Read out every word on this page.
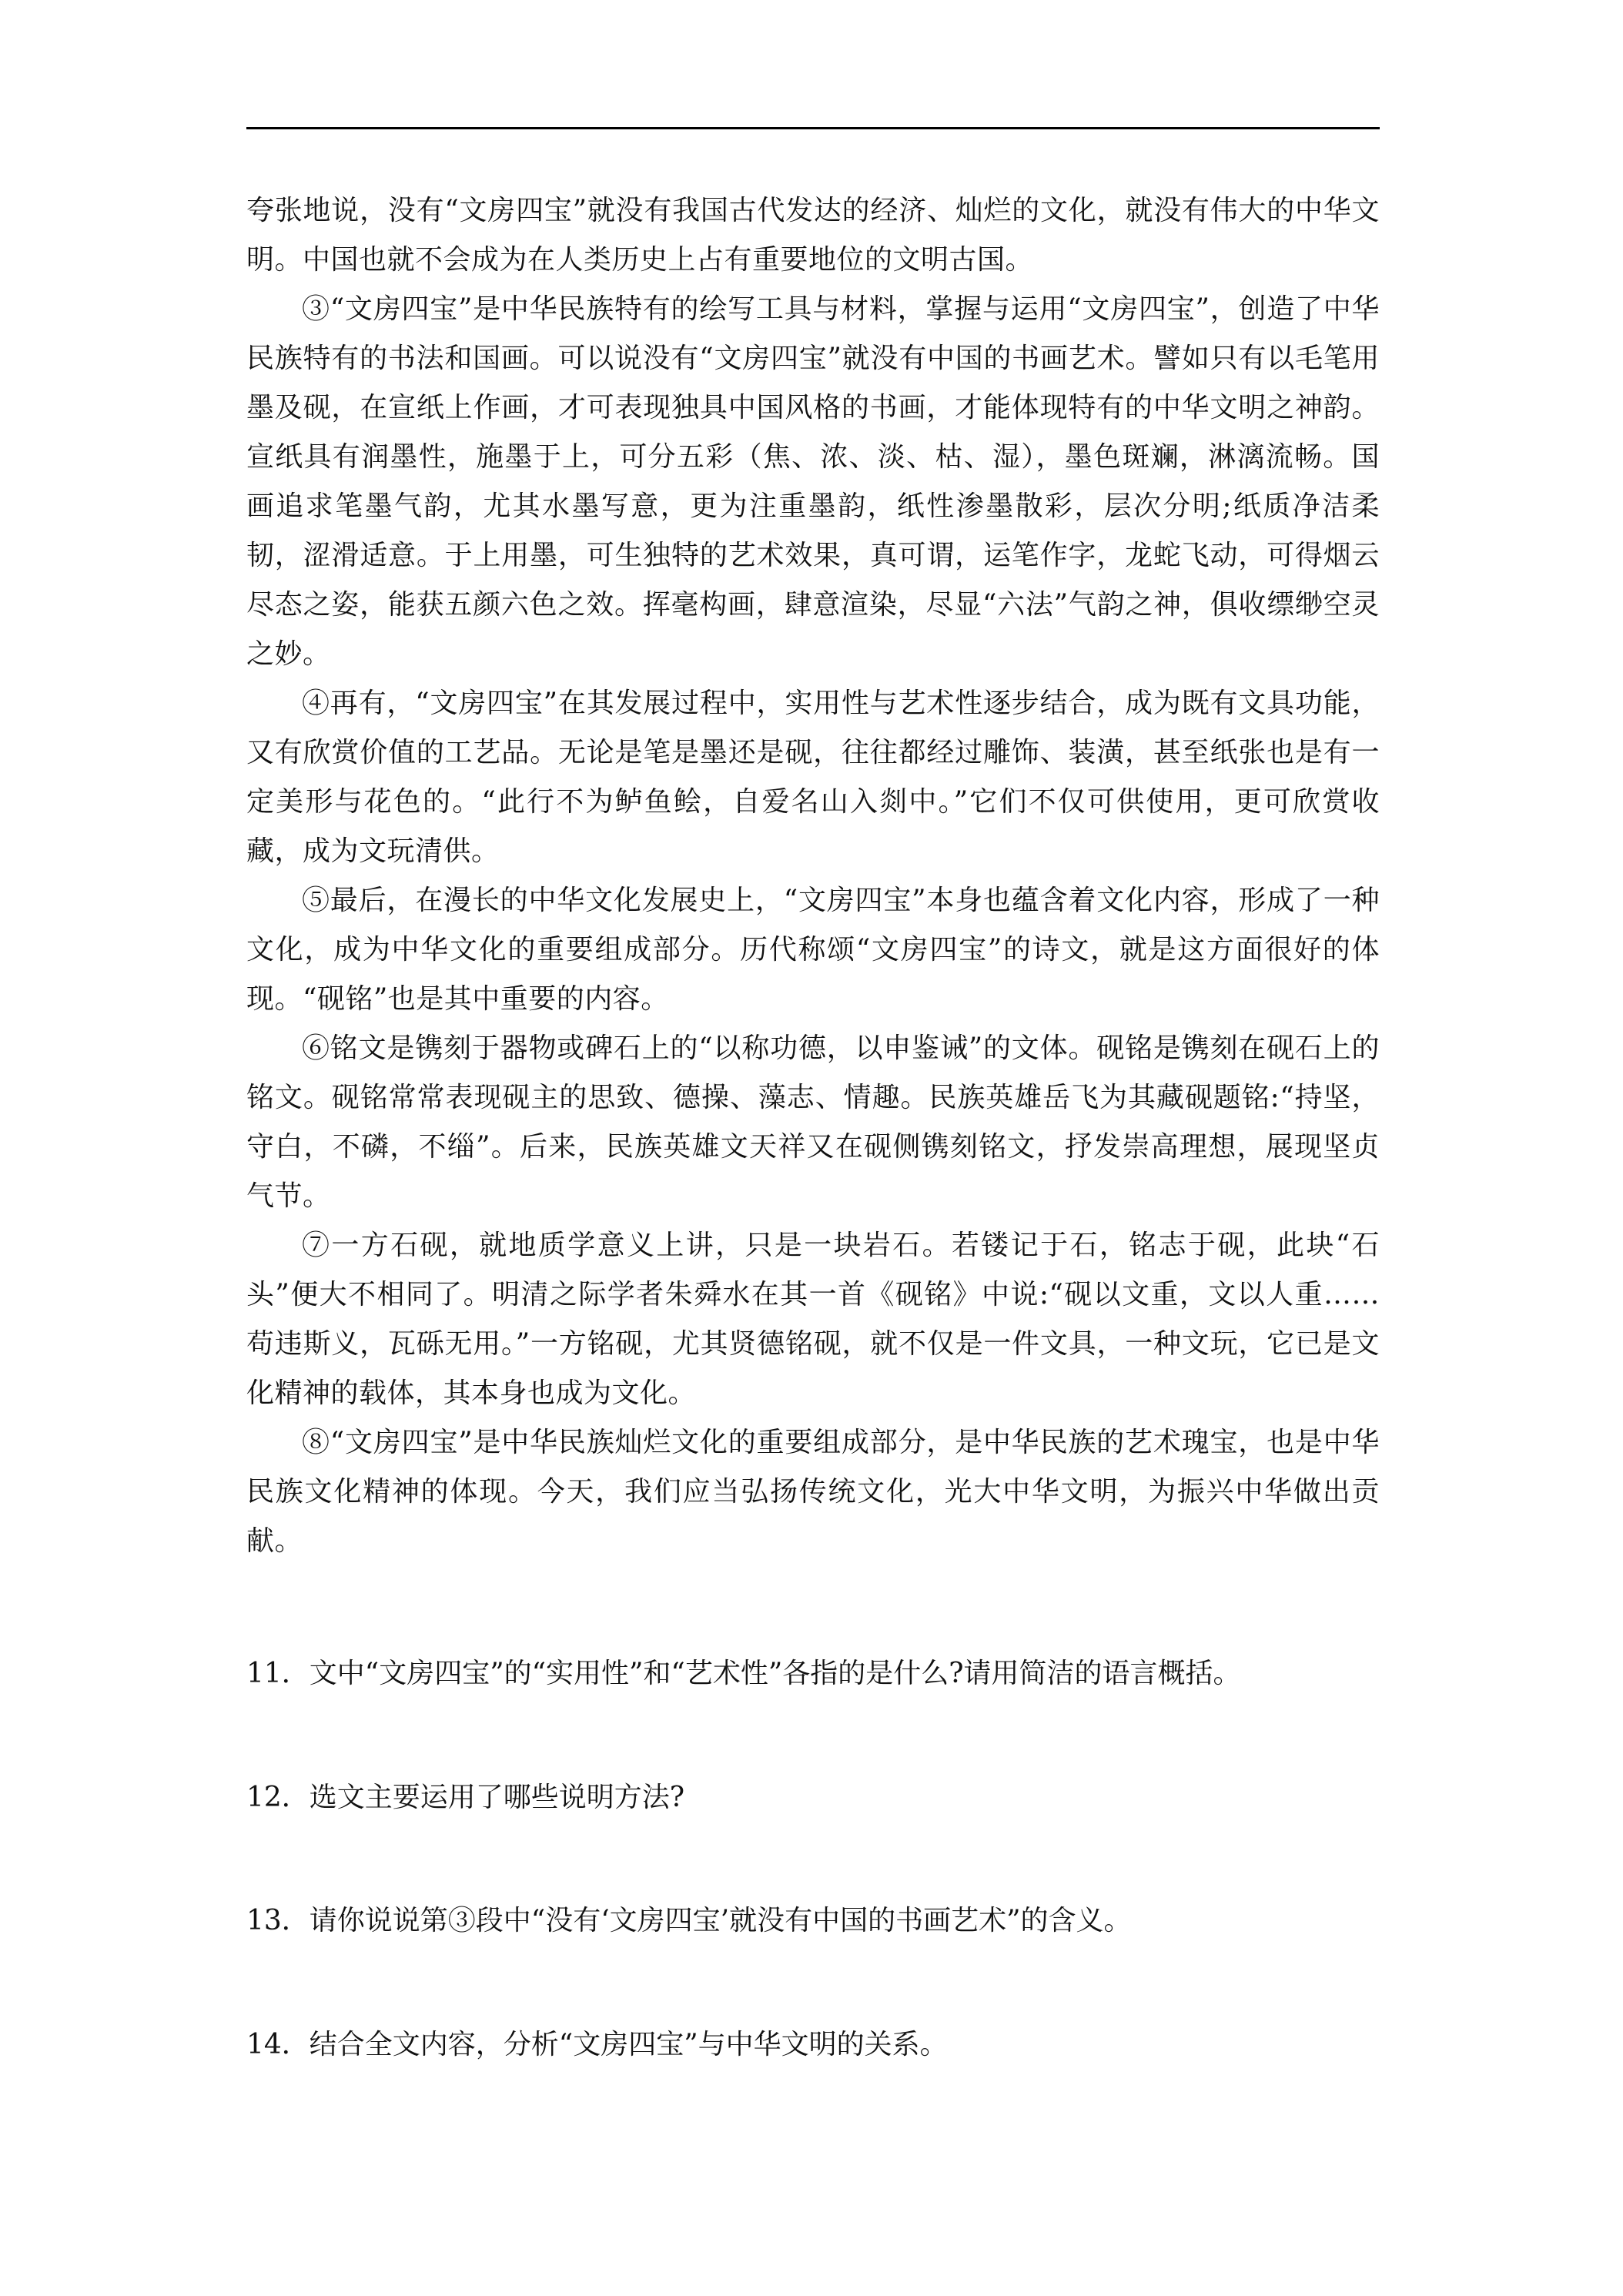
夸张地说，没有“文房四宝”就没有我国古代发达的经济、灿烂的文化，就没有伟大的中华文明。中国也就不会成为在人类历史上占有重要地位的文明古国。

③“文房四宝”是中华民族特有的绘写工具与材料，掌握与运用“文房四宝”，创造了中华民族特有的书法和国画。可以说没有“文房四宝”就没有中国的书画艺术。譬如只有以毛笔用墨及砚，在宣纸上作画，才可表现独具中国风格的书画，才能体现特有的中华文明之神韵。宣纸具有润墨性，施墨于上，可分五彩（焦、浓、淡、枯、湿），墨色斑斓，淋漓流畅。国画追求笔墨气韵，尤其水墨写意，更为注重墨韵，纸性渗墨散彩，层次分明;纸质净洁柔韧，涩滑适意。于上用墨，可生独特的艺术效果，真可谓，运笔作字，龙蛇飞动，可得烟云尽态之姿，能获五颜六色之效。挥毫构画，肆意渲染，尽显“六法”气韵之神，俱收缥缈空灵之妙。

④再有，“文房四宝”在其发展过程中，实用性与艺术性逐步结合，成为既有文具功能，又有欣赏价值的工艺品。无论是笔是墨还是砚，往往都经过雕饰、装潢，甚至纸张也是有一定美形与花色的。“此行不为鲈鱼鲙，自爱名山入剡中。”它们不仅可供使用，更可欣赏收藏，成为文玩清供。

⑤最后，在漫长的中华文化发展史上，“文房四宝”本身也蕴含着文化内容，形成了一种文化，成为中华文化的重要组成部分。历代称颂“文房四宝”的诗文，就是这方面很好的体现。“砚铭”也是其中重要的内容。

⑥铭文是镌刻于器物或碑石上的“以称功德，以申鉴诫”的文体。砚铭是镌刻在砚石上的铭文。砚铭常常表现砚主的思致、德操、藻志、情趣。民族英雄岳飞为其藏砚题铭:“持坚，守白，不磷，不缁”。后来，民族英雄文天祥又在砚侧镌刻铭文，抒发崇高理想，展现坚贞气节。

⑦一方石砚，就地质学意义上讲，只是一块岩石。若镂记于石，铭志于砚，此块“石头”便大不相同了。明清之际学者朱舜水在其一首《砚铭》中说:“砚以文重，文以人重……苟违斯义，瓦砾无用。”一方铭砚，尤其贤德铭砚，就不仅是一件文具，一种文玩，它已是文化精神的载体，其本身也成为文化。

⑧“文房四宝”是中华民族灿烂文化的重要组成部分，是中华民族的艺术瑰宝，也是中华民族文化精神的体现。今天，我们应当弘扬传统文化，光大中华文明，为振兴中华做出贡献。

11．文中“文房四宝”的“实用性”和“艺术性”各指的是什么?请用简洁的语言概括。

12．选文主要运用了哪些说明方法?

13．请你说说第③段中“没有‘文房四宝’就没有中国的书画艺术”的含义。

14．结合全文内容，分析“文房四宝”与中华文明的关系。
